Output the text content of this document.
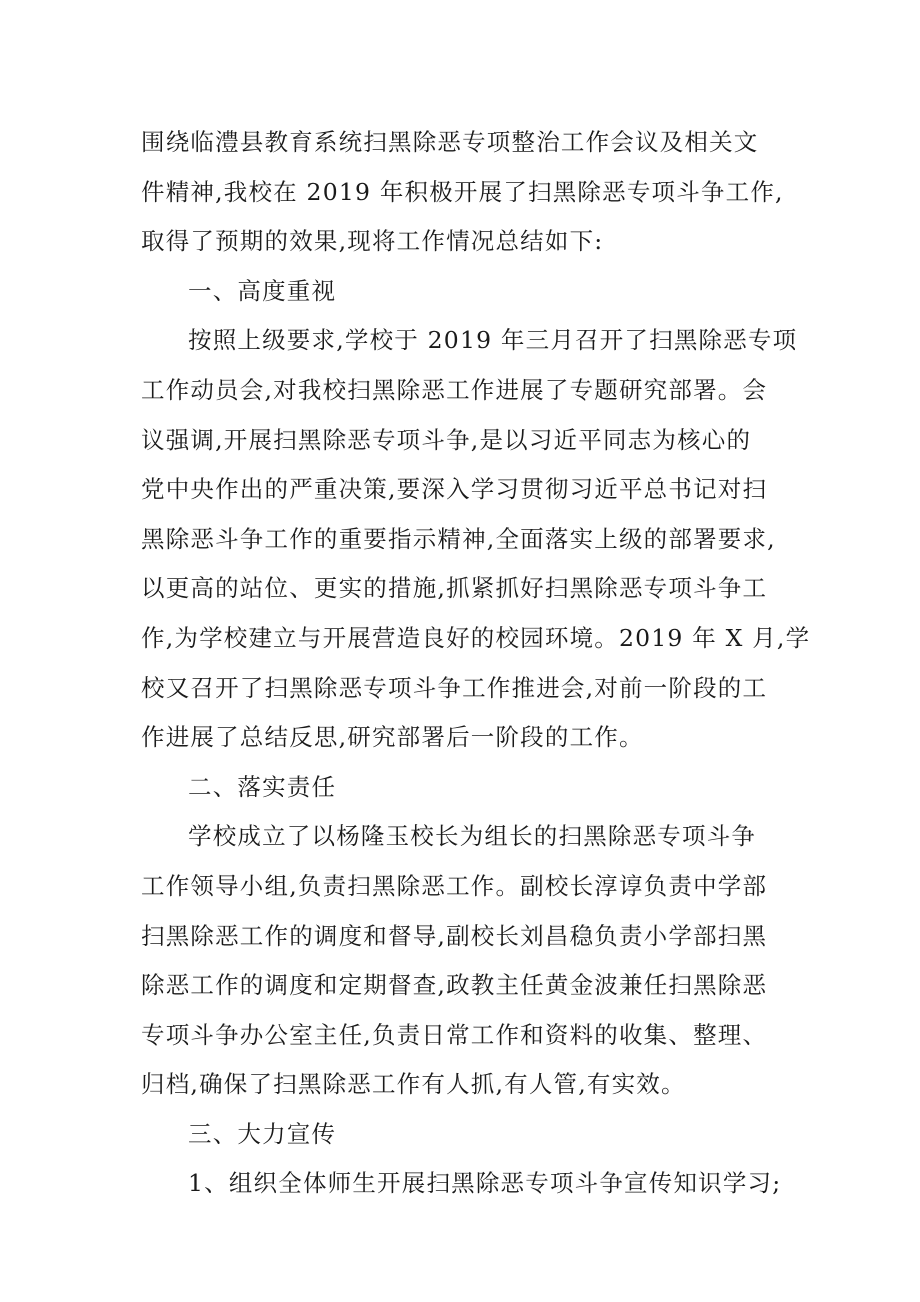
围绕临澧县教育系统扫黑除恶专项整治工作会议及相关文
件精神,我校在 2019 年积极开展了扫黑除恶专项斗争工作,
取得了预期的效果,现将工作情况总结如下:
一、高度重视
按照上级要求,学校于 2019 年三月召开了扫黑除恶专项
工作动员会,对我校扫黑除恶工作进展了专题研究部署。会
议强调,开展扫黑除恶专项斗争,是以习近平同志为核心的
党中央作出的严重决策,要深入学习贯彻习近平总书记对扫
黑除恶斗争工作的重要指示精神,全面落实上级的部署要求,
以更高的站位、更实的措施,抓紧抓好扫黑除恶专项斗争工
作,为学校建立与开展营造良好的校园环境。2019 年 X 月,学
校又召开了扫黑除恶专项斗争工作推进会,对前一阶段的工
作进展了总结反思,研究部署后一阶段的工作。
二、落实责任
学校成立了以杨隆玉校长为组长的扫黑除恶专项斗争
工作领导小组,负责扫黑除恶工作。副校长淳谆负责中学部
扫黑除恶工作的调度和督导,副校长刘昌稳负责小学部扫黑
除恶工作的调度和定期督查,政教主任黄金波兼任扫黑除恶
专项斗争办公室主任,负责日常工作和资料的收集、整理、
归档,确保了扫黑除恶工作有人抓,有人管,有实效。
三、大力宣传
1、组织全体师生开展扫黑除恶专项斗争宣传知识学习;
